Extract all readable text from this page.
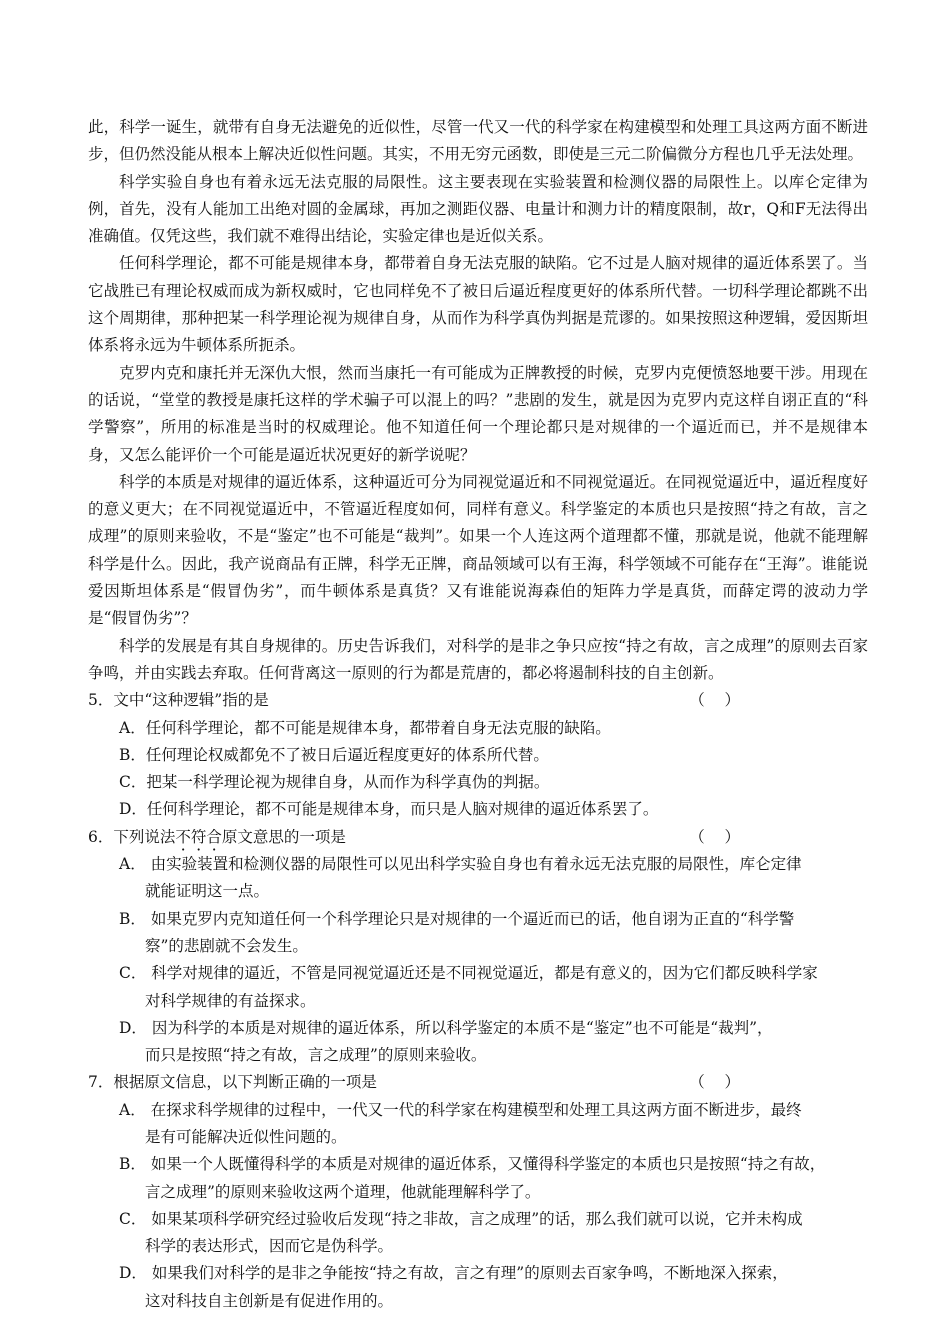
此，科学一诞生，就带有自身无法避免的近似性，尽管一代又一代的科学家在构建模型和处理工具这两方面不断进步，但仍然没能从根本上解决近似性问题。其实，不用无穷元函数，即使是三元二阶偏微分方程也几乎无法处理。

科学实验自身也有着永远无法克服的局限性。这主要表现在实验装置和检测仪器的局限性上。以库仑定律为例，首先，没有人能加工出绝对圆的金属球，再加之测距仪器、电量计和测力计的精度限制，故r，Q和F无法得出准确值。仅凭这些，我们就不难得出结论，实验定律也是近似关系。

任何科学理论，都不可能是规律本身，都带着自身无法克服的缺陷。它不过是人脑对规律的逼近体系罢了。当它战胜已有理论权威而成为新权威时，它也同样免不了被日后逼近程度更好的体系所代替。一切科学理论都跳不出这个周期律，那种把某一科学理论视为规律自身，从而作为科学真伪判据是荒谬的。如果按照这种逻辑，爱因斯坦体系将永远为牛顿体系所扼杀。

克罗内克和康托并无深仇大恨，然而当康托一有可能成为正牌教授的时候，克罗内克便愤怒地要干涉。用现在的话说，“堂堂的教授是康托这样的学术骗子可以混上的吗？”悲剧的发生，就是因为克罗内克这样自诩正直的“科学警察”，所用的标准是当时的权威理论。他不知道任何一个理论都只是对规律的一个逼近而已，并不是规律本身，又怎么能评价一个可能是逼近状况更好的新学说呢？

科学的本质是对规律的逼近体系，这种逼近可分为同视觉逼近和不同视觉逼近。在同视觉逼近中，逼近程度好的意义更大；在不同视觉逼近中，不管逼近程度如何，同样有意义。科学鉴定的本质也只是按照“持之有故，言之成理”的原则来验收，不是“鉴定”也不可能是“裁判”。如果一个人连这两个道理都不懂，那就是说，他就不能理解科学是什么。因此，我产说商品有正牌，科学无正牌，商品领域可以有王海，科学领域不可能存在“王海”。谁能说爱因斯坦体系是“假冒伪劣”，而牛顿体系是真货？又有谁能说海森伯的矩阵力学是真货，而薛定谔的波动力学是“假冒伪劣”？

科学的发展是有其自身规律的。历史告诉我们，对科学的是非之争只应按“持之有故，言之成理”的原则去百家争鸣，并由实践去弃取。任何背离这一原则的行为都是荒唐的，都必将遏制科技的自主创新。

5．文中“这种逻辑”指的是	（    ）
A．任何科学理论，都不可能是规律本身，都带着自身无法克服的缺陷。
B．任何理论权威都免不了被日后逼近程度更好的体系所代替。
C．把某一科学理论视为规律自身，从而作为科学真伪的判据。
D．任何科学理论，都不可能是规律本身，而只是人脑对规律的逼近体系罢了。
6．下列说法不符合原文意思的一项是	（    ）
A． 由实验装置和检测仪器的局限性可以见出科学实验自身也有着永远无法克服的局限性，库仑定律
就能证明这一点。
B． 如果克罗内克知道任何一个科学理论只是对规律的一个逼近而已的话，他自诩为正直的“科学警
察”的悲剧就不会发生。
C． 科学对规律的逼近，不管是同视觉逼近还是不同视觉逼近，都是有意义的，因为它们都反映科学家
对科学规律的有益探求。
D． 因为科学的本质是对规律的逼近体系，所以科学鉴定的本质不是“鉴定”也不可能是“裁判”，
而只是按照“持之有故，言之成理”的原则来验收。
7．根据原文信息，以下判断正确的一项是	（    ）
A． 在探求科学规律的过程中，一代又一代的科学家在构建模型和处理工具这两方面不断进步，最终
是有可能解决近似性问题的。
B． 如果一个人既懂得科学的本质是对规律的逼近体系，又懂得科学鉴定的本质也只是按照“持之有故，
言之成理”的原则来验收这两个道理，他就能理解科学了。
C． 如果某项科学研究经过验收后发现“持之非故，言之成理”的话，那么我们就可以说，它并未构成
科学的表达形式，因而它是伪科学。
D． 如果我们对科学的是非之争能按“持之有故，言之有理”的原则去百家争鸣，不断地深入探索，
这对科技自主创新是有促进作用的。
